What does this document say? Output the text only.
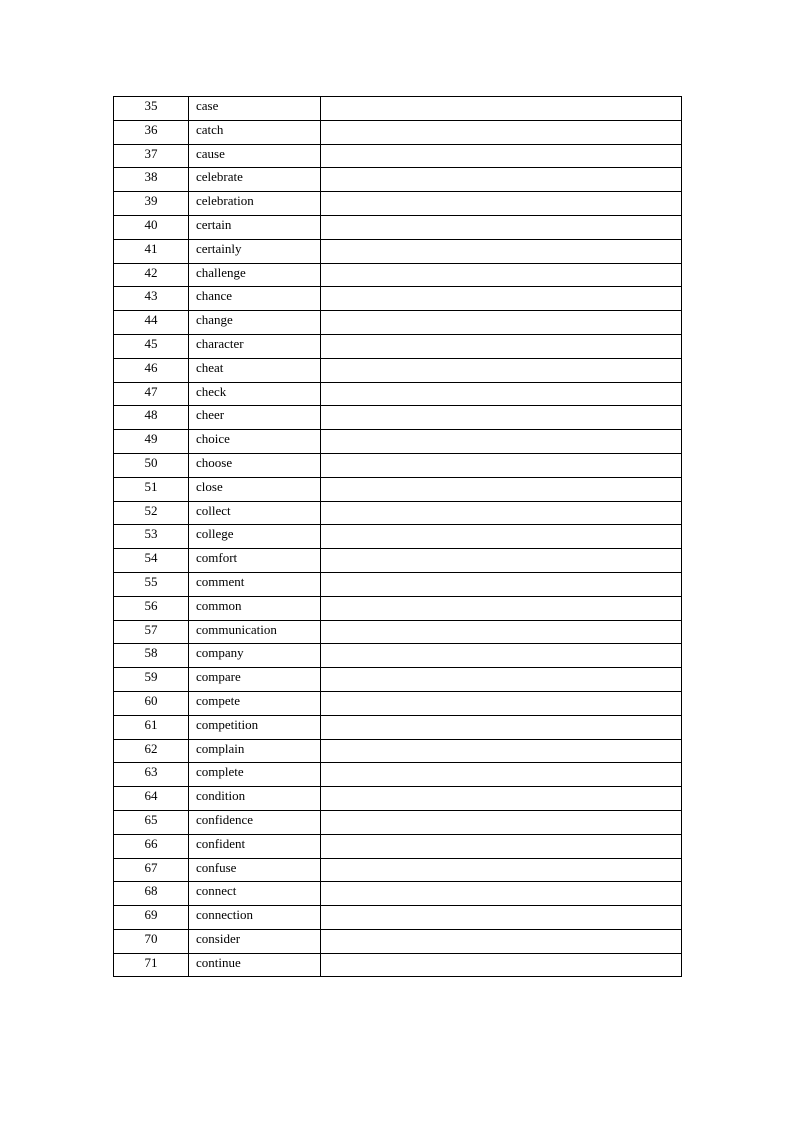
35	case	
36	catch	
37	cause	
38	celebrate	
39	celebration	
40	certain	
41	certainly	
42	challenge	
43	chance	
44	change	
45	character	
46	cheat	
47	check	
48	cheer	
49	choice	
50	choose	
51	close	
52	collect	
53	college	
54	comfort	
55	comment	
56	common	
57	communication	
58	company	
59	compare	
60	compete	
61	competition	
62	complain	
63	complete	
64	condition	
65	confidence	
66	confident	
67	confuse	
68	connect	
69	connection	
70	consider	
71	continue	
